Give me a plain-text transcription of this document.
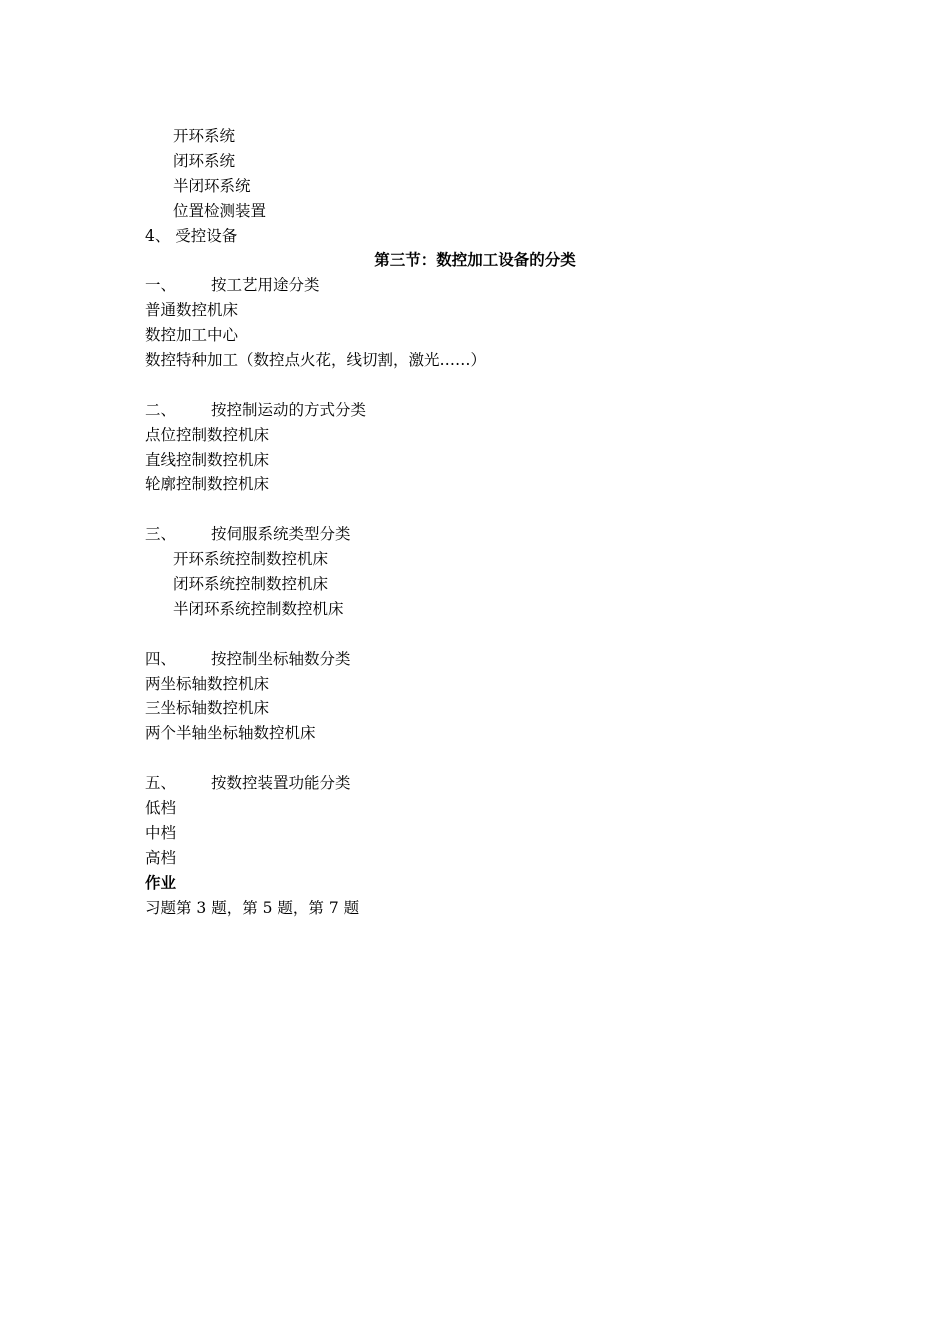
开环系统
闭环系统
半闭环系统
位置检测装置
4、 受控设备
第三节：数控加工设备的分类
一、 按工艺用途分类
普通数控机床
数控加工中心
数控特种加工（数控点火花，线切割，激光……）
二、 按控制运动的方式分类
点位控制数控机床
直线控制数控机床
轮廓控制数控机床
三、 按伺服系统类型分类
开环系统控制数控机床
闭环系统控制数控机床
半闭环系统控制数控机床
四、 按控制坐标轴数分类
两坐标轴数控机床
三坐标轴数控机床
两个半轴坐标轴数控机床
五、 按数控装置功能分类
低档
中档
高档
作业
习题第 3 题，第 5 题，第 7 题
